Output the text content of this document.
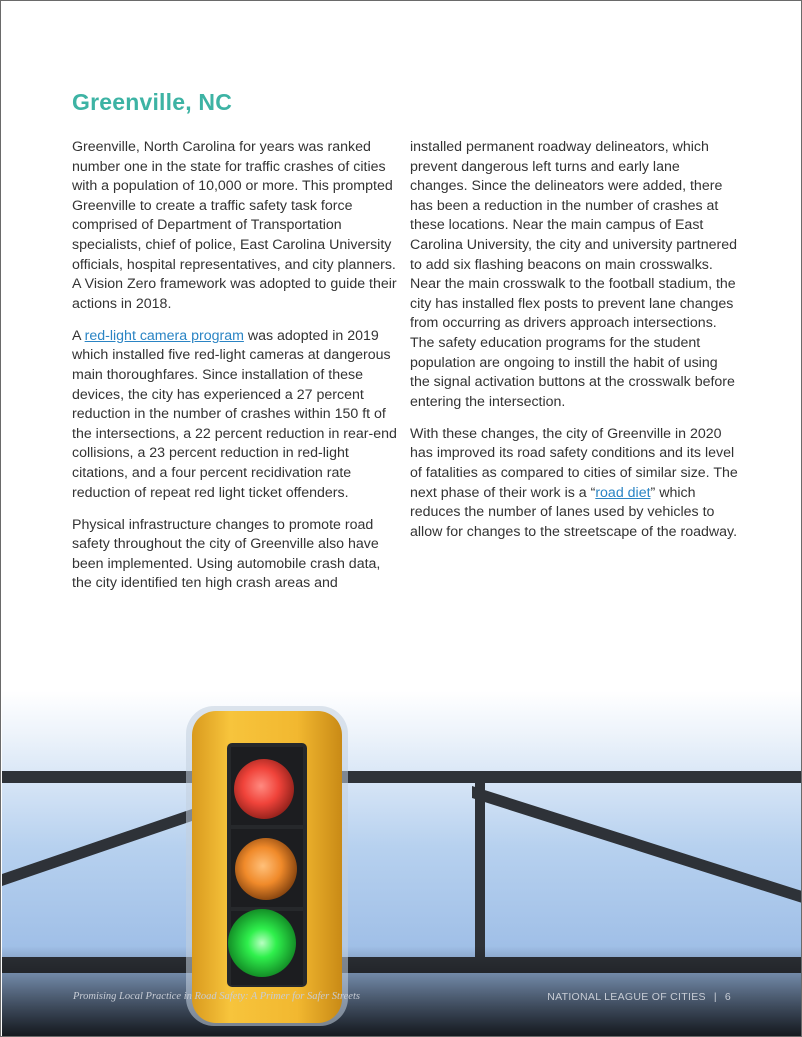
Greenville, NC

Greenville, North Carolina for years was ranked number one in the state for traffic crashes of cities with a population of 10,000 or more. This prompted Greenville to create a traffic safety task force comprised of Department of Transportation specialists, chief of police, East Carolina University officials, hospital representatives, and city planners. A Vision Zero framework was adopted to guide their actions in 2018.

A red-light camera program was adopted in 2019 which installed five red-light cameras at dangerous main thoroughfares. Since installation of these devices, the city has experienced a 27 percent reduction in the number of crashes within 150 ft of the intersections, a 22 percent reduction in rear-end collisions, a 23 percent reduction in red-light citations, and a four percent recidivation rate reduction of repeat red light ticket offenders.

Physical infrastructure changes to promote road safety throughout the city of Greenville also have been implemented. Using automobile crash data, the city identified ten high crash areas and

installed permanent roadway delineators, which prevent dangerous left turns and early lane changes. Since the delineators were added, there has been a reduction in the number of crashes at these locations. Near the main campus of East Carolina University, the city and university partnered to add six flashing beacons on main crosswalks. Near the main crosswalk to the football stadium, the city has installed flex posts to prevent lane changes from occurring as drivers approach intersections. The safety education programs for the student population are ongoing to instill the habit of using the signal activation buttons at the crosswalk before entering the intersection.

With these changes, the city of Greenville in 2020 has improved its road safety conditions and its level of fatalities as compared to cities of similar size. The next phase of their work is a “road diet” which reduces the number of lanes used by vehicles to allow for changes to the streetscape of the roadway.

Promising Local Practice in Road Safety: A Primer for Safer Streets	NATIONAL LEAGUE OF CITIES | 6
